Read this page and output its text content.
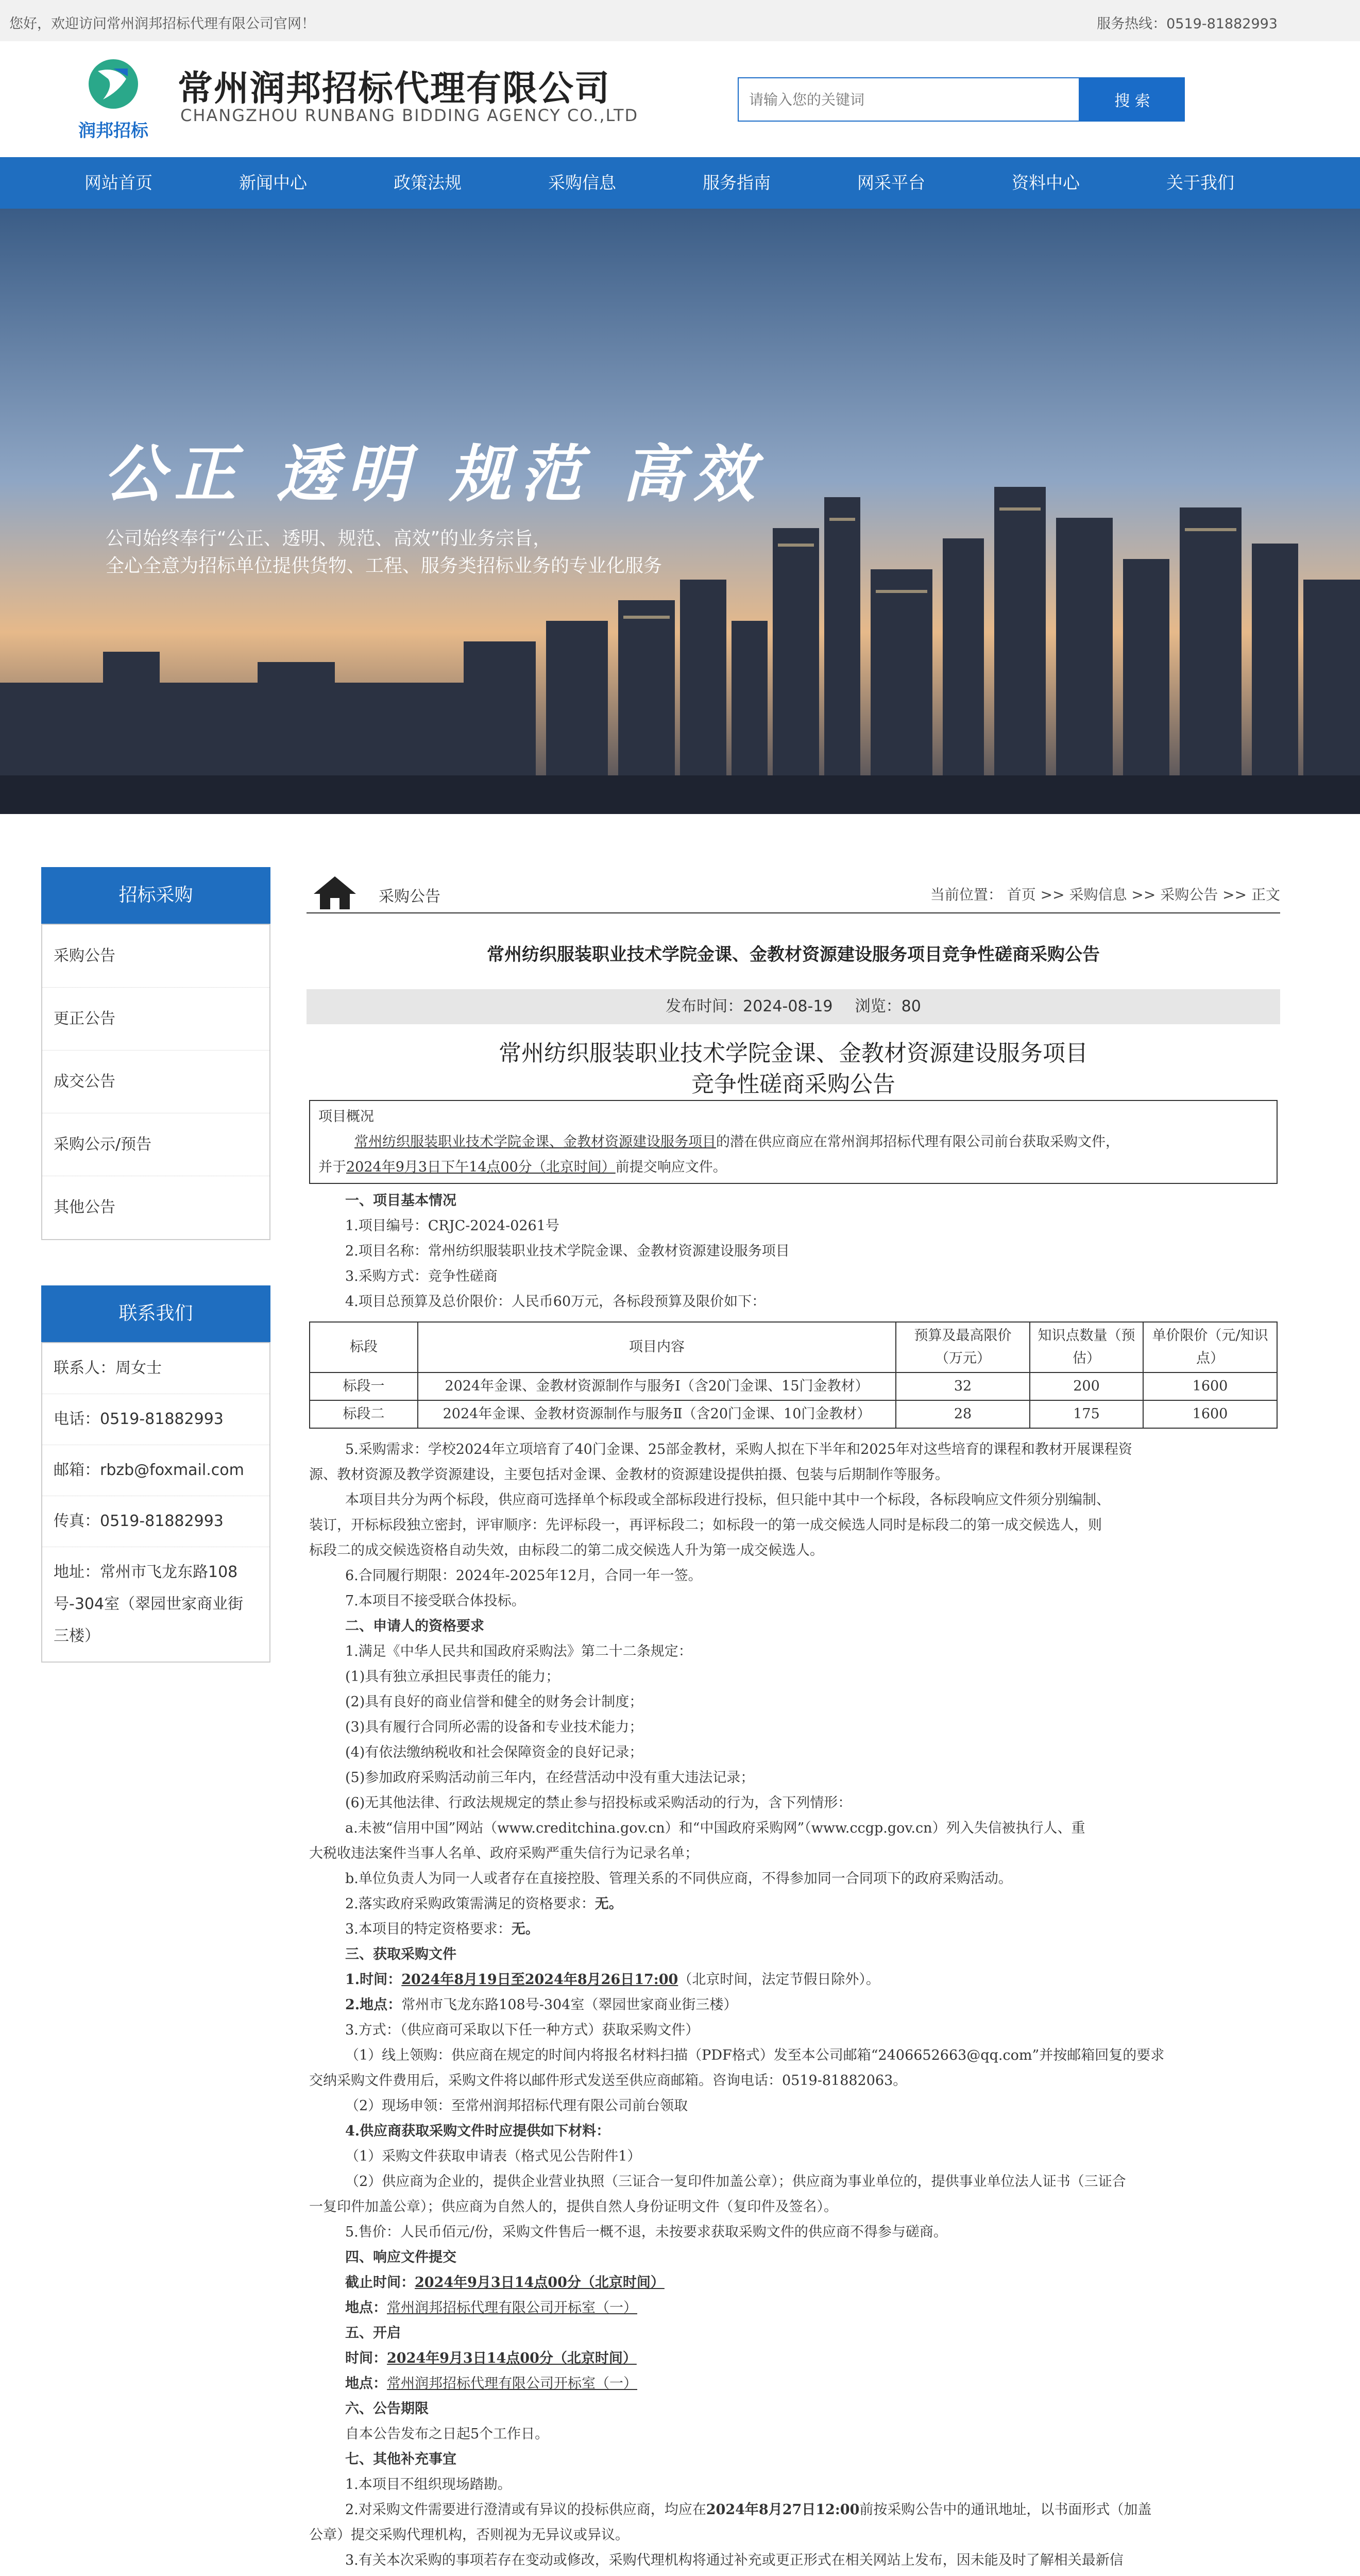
您好，欢迎访问常州润邦招标代理有限公司官网！	服务热线：0519-81882993
润邦招标
常州润邦招标代理有限公司
CHANGZHOU RUNBANG BIDDING AGENCY CO.,LTD
请输入您的关键词
搜 索
网站首页	新闻中心	政策法规	采购信息	服务指南	网采平台	资料中心	关于我们
公正 透明 规范 高效
公司始终奉行“公正、透明、规范、高效”的业务宗旨，
全心全意为招标单位提供货物、工程、服务类招标业务的专业化服务
招标采购
采购公告
更正公告
成交公告
采购公示/预告
其他公告
联系我们
联系人：周女士
电话：0519-81882993
邮箱：rbzb@foxmail.com
传真：0519-81882993
地址：常州市飞龙东路108号-304室（翠园世家商业街三楼）
采购公告	当前位置： 首页 >> 采购信息 >> 采购公告 >> 正文
常州纺织服装职业技术学院金课、金教材资源建设服务项目竞争性磋商采购公告
发布时间：2024-08-19 浏览：80
常州纺织服装职业技术学院金课、金教材资源建设服务项目
竞争性磋商采购公告

项目概况

常州纺织服装职业技术学院金课、金教材资源建设服务项目的潜在供应商应在常州润邦招标代理有限公司前台获取采购文件，

并于2024年9月3日下午14点00分（北京时间）前提交响应文件。

一、项目基本情况

1.项目编号：CRJC-2024-0261号

2.项目名称：常州纺织服装职业技术学院金课、金教材资源建设服务项目

3.采购方式：竞争性磋商

4.项目总预算及总价限价：人民币60万元，各标段预算及限价如下：

标段	项目内容	预算及最高限价（万元）	知识点数量（预估）	单价限价（元/知识点）
标段一	2024年金课、金教材资源制作与服务Ⅰ（含20门金课、15门金教材）	32	200	1600
标段二	2024年金课、金教材资源制作与服务Ⅱ（含20门金课、10门金教材）	28	175	1600

5.采购需求：学校2024年立项培育了40门金课、25部金教材，采购人拟在下半年和2025年对这些培育的课程和教材开展课程资

源、教材资源及教学资源建设，主要包括对金课、金教材的资源建设提供拍摄、包装与后期制作等服务。

本项目共分为两个标段，供应商可选择单个标段或全部标段进行投标，但只能中其中一个标段，各标段响应文件须分别编制、

装订，开标标段独立密封，评审顺序：先评标段一，再评标段二；如标段一的第一成交候选人同时是标段二的第一成交候选人，则

标段二的成交候选资格自动失效，由标段二的第二成交候选人升为第一成交候选人。

6.合同履行期限：2024年-2025年12月，合同一年一签。

7.本项目不接受联合体投标。

二、申请人的资格要求

1.满足《中华人民共和国政府采购法》第二十二条规定：

(1)具有独立承担民事责任的能力；

(2)具有良好的商业信誉和健全的财务会计制度；

(3)具有履行合同所必需的设备和专业技术能力；

(4)有依法缴纳税收和社会保障资金的良好记录；

(5)参加政府采购活动前三年内，在经营活动中没有重大违法记录；

(6)无其他法律、行政法规规定的禁止参与招投标或采购活动的行为，含下列情形：

a.未被“信用中国”网站（www.creditchina.gov.cn）和“中国政府采购网”（www.ccgp.gov.cn）列入失信被执行人、重

大税收违法案件当事人名单、政府采购严重失信行为记录名单；

b.单位负责人为同一人或者存在直接控股、管理关系的不同供应商，不得参加同一合同项下的政府采购活动。

2.落实政府采购政策需满足的资格要求：无。

3.本项目的特定资格要求：无。

三、获取采购文件

1.时间：2024年8月19日至2024年8月26日17:00（北京时间，法定节假日除外）。

2.地点：常州市飞龙东路108号-304室（翠园世家商业街三楼）

3.方式：（供应商可采取以下任一种方式）获取采购文件）

（1）线上领购：供应商在规定的时间内将报名材料扫描（PDF格式）发至本公司邮箱“2406652663@qq.com”并按邮箱回复的要求

交纳采购文件费用后，采购文件将以邮件形式发送至供应商邮箱。咨询电话：0519-81882063。

（2）现场申领：至常州润邦招标代理有限公司前台领取

4.供应商获取采购文件时应提供如下材料：

（1）采购文件获取申请表（格式见公告附件1）

（2）供应商为企业的，提供企业营业执照（三证合一复印件加盖公章）；供应商为事业单位的，提供事业单位法人证书（三证合

一复印件加盖公章）；供应商为自然人的，提供自然人身份证明文件（复印件及签名）。

5.售价：人民币佰元/份，采购文件售后一概不退，未按要求获取采购文件的供应商不得参与磋商。

四、响应文件提交

截止时间：2024年9月3日14点00分（北京时间）

地点：常州润邦招标代理有限公司开标室（一）

五、开启

时间：2024年9月3日14点00分（北京时间）

地点：常州润邦招标代理有限公司开标室（一）

六、公告期限

自本公告发布之日起5个工作日。

七、其他补充事宜

1.本项目不组织现场踏勘。

2.对采购文件需要进行澄清或有异议的投标供应商，均应在2024年8月27日12:00前按采购公告中的通讯地址，以书面形式（加盖

公章）提交采购代理机构，否则视为无异议或异议。

3.有关本次采购的事项若存在变动或修改，采购代理机构将通过补充或更正形式在相关网站上发布，因未能及时了解相关最新信
